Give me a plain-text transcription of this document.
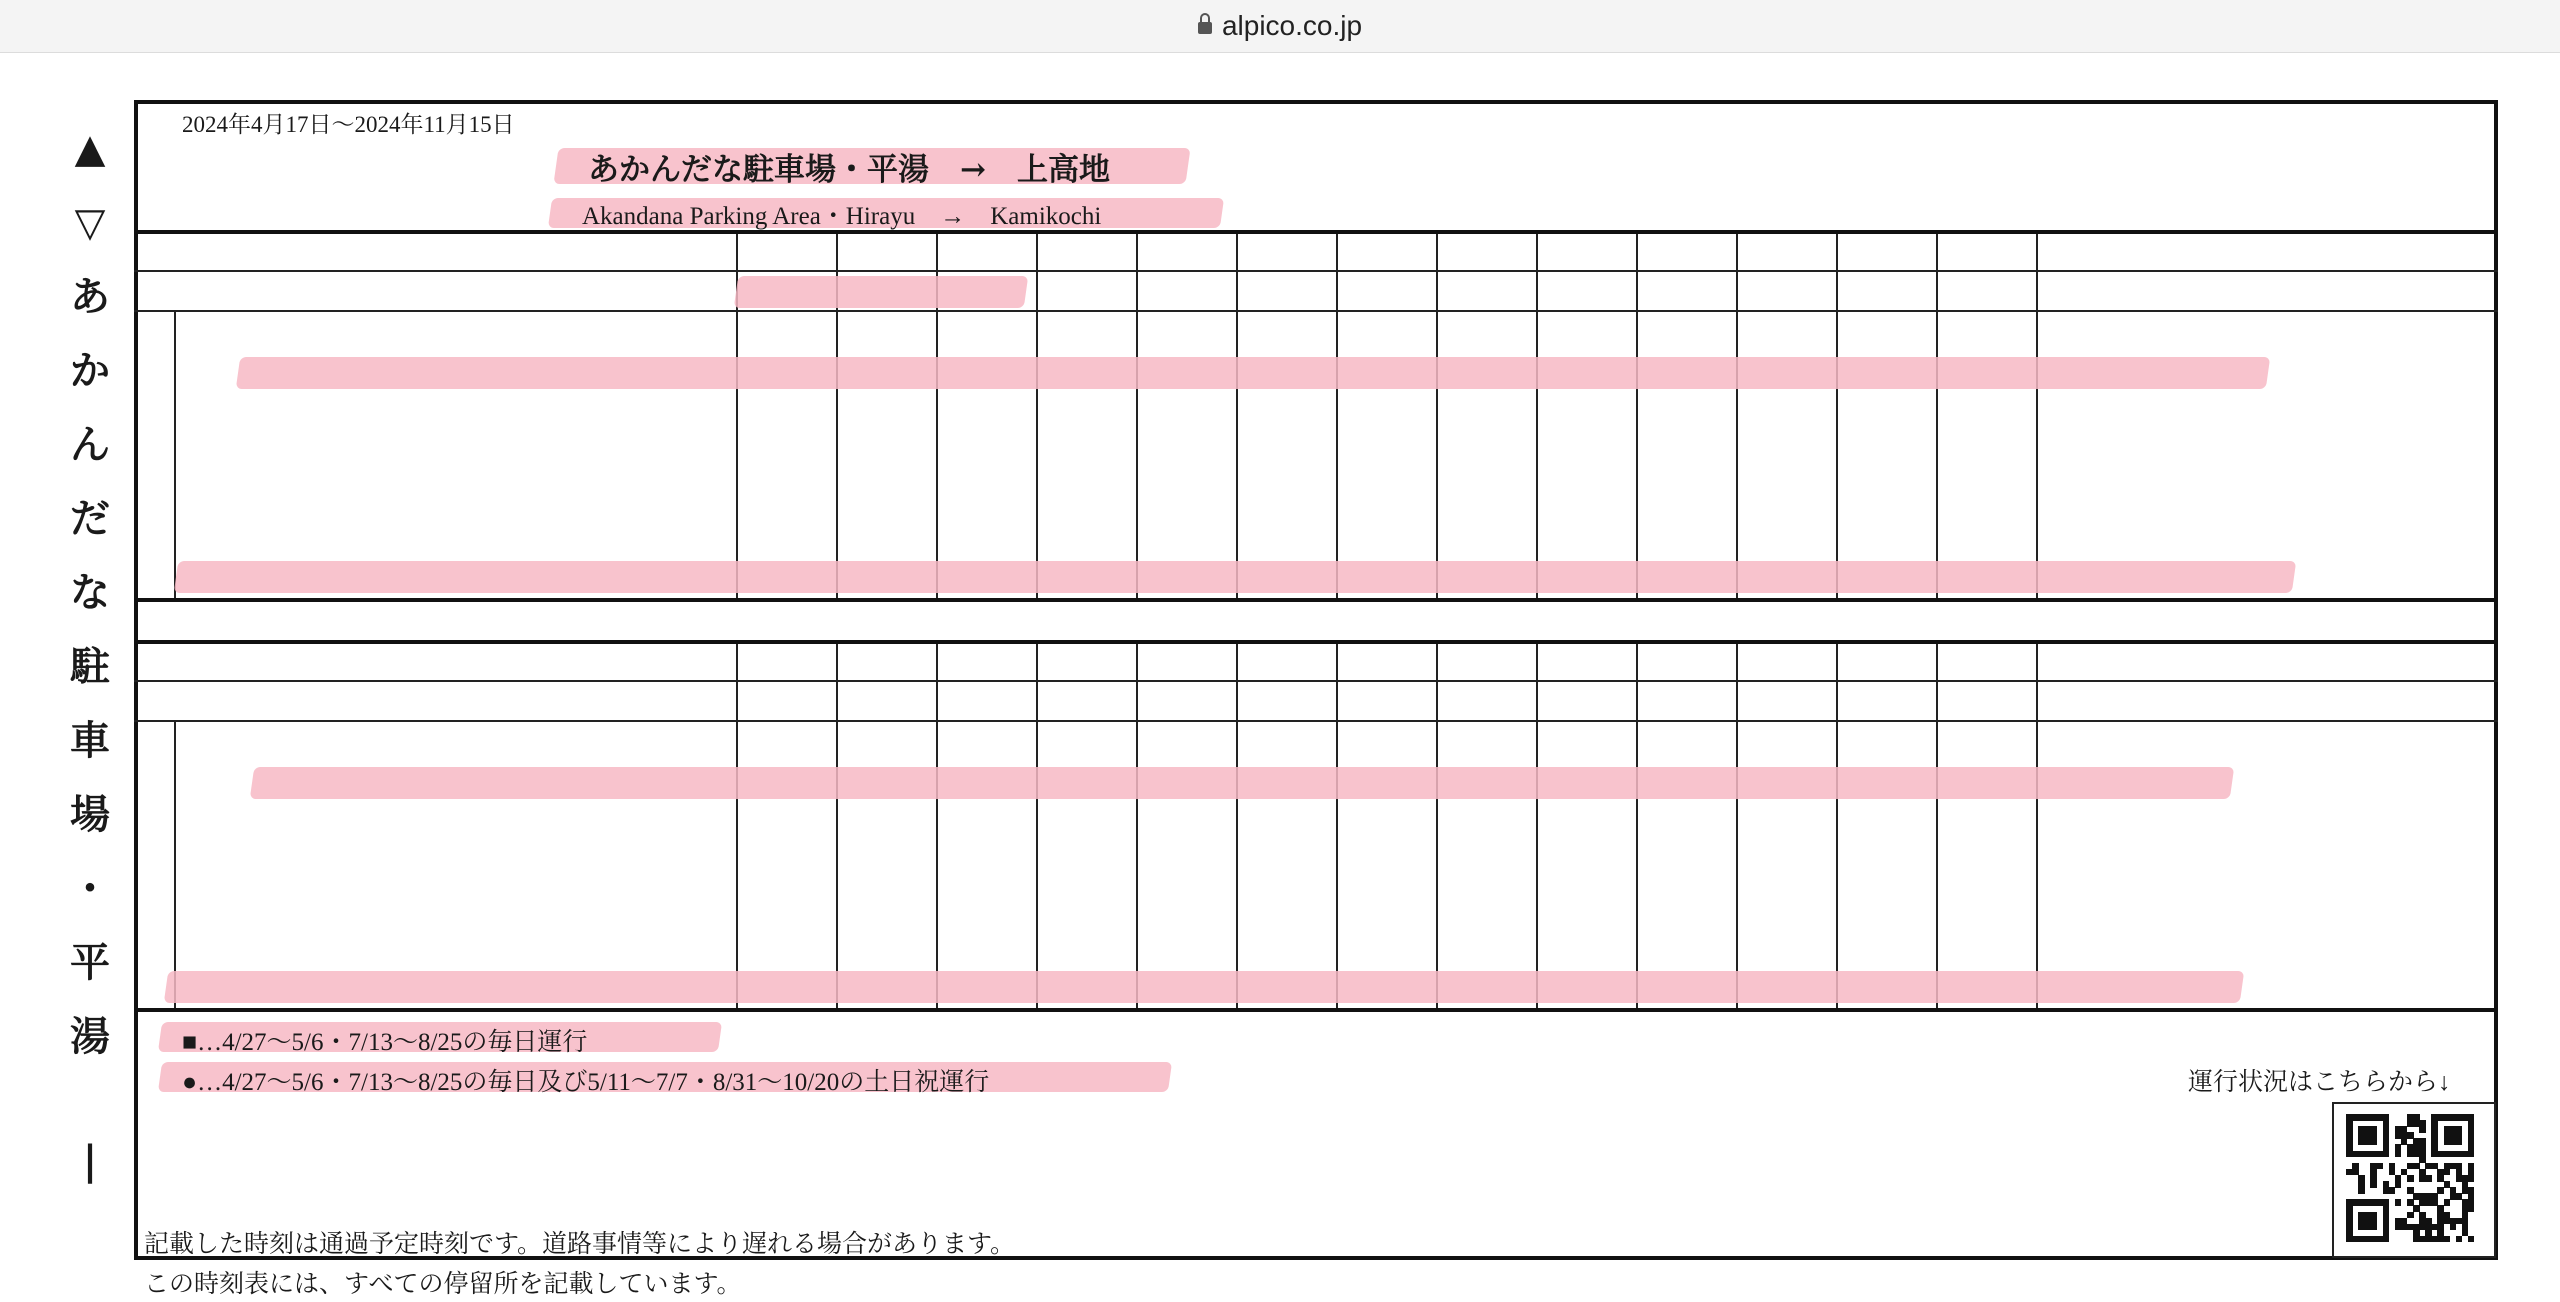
alpico.co.jp
▲
▽
あ
か
ん
だ
な
駐
車
場
・
平
湯
|
2024年4月17日～2024年11月15日
あかんだな駐車場・平湯　→　上高地
Akandana Parking Area・Hirayu　→　Kamikochi
■…4/27～5/6・7/13～8/25の毎日運行
●…4/27～5/6・7/13～8/25の毎日及び5/11～7/7・8/31～10/20の土日祝運行	運行状況はこちらから↓
記載した時刻は通過予定時刻です。道路事情等により遅れる場合があります。
この時刻表には、すべての停留所を記載しています。
